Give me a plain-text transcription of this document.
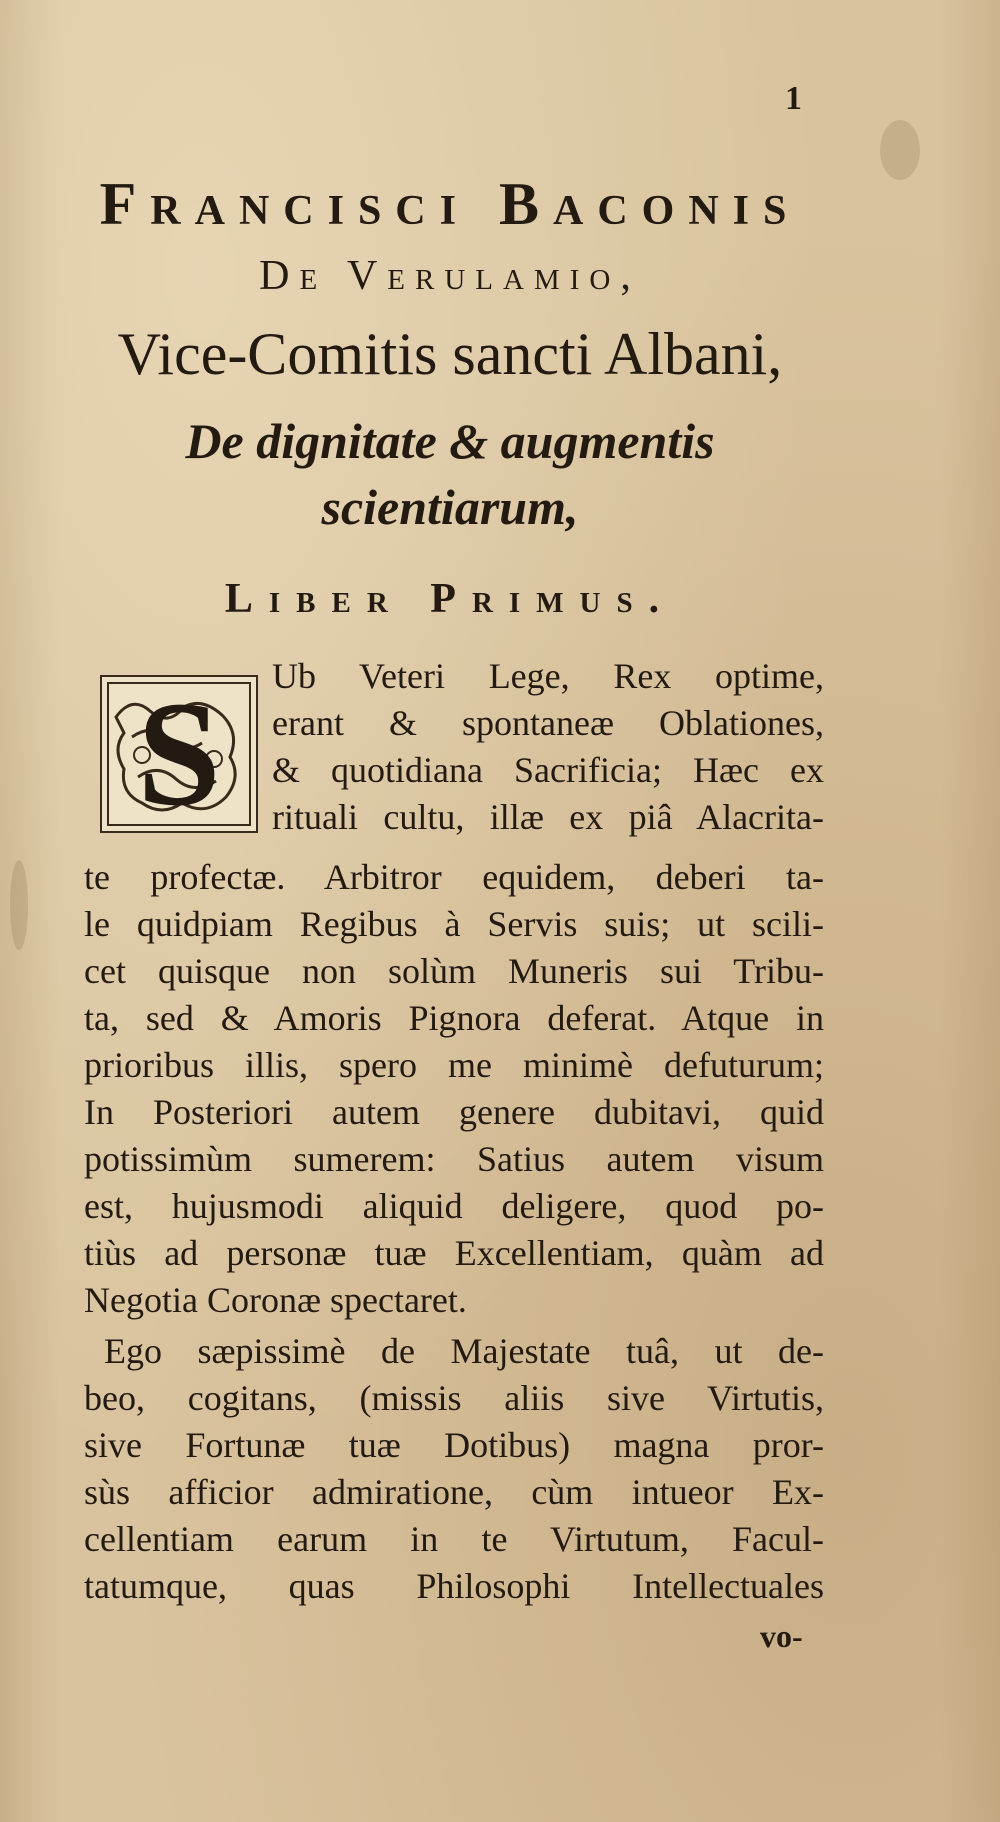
1
Francisci Baconis
De Verulamio,
Vice-Comitis sancti Albani,
De dignitate & augmentis
scientiarum,
Liber Primus.
S	Ub Veteri Lege, Rex optime,
erant & spontaneæ Oblationes,
& quotidiana Sacrificia; Hæc ex
rituali cultu, illæ ex piâ Alacrita-
te profectæ. Arbitror equidem, deberi ta-
le quidpiam Regibus à Servis suis; ut scili-
cet quisque non solùm Muneris sui Tribu-
ta, sed & Amoris Pignora deferat. Atque in
prioribus illis, spero me minimè defuturum;
In Posteriori autem genere dubitavi, quid
potissimùm sumerem: Satius autem visum
est, hujusmodi aliquid deligere, quod po-
tiùs ad personæ tuæ Excellentiam, quàm ad
Negotia Coronæ spectaret.
Ego sæpissimè de Majestate tuâ, ut de-
beo, cogitans, (missis aliis sive Virtutis,
sive Fortunæ tuæ Dotibus) magna pror-
sùs afficior admiratione, cùm intueor Ex-
cellentiam earum in te Virtutum, Facul-
tatumque, quas Philosophi Intellectuales
vo-
